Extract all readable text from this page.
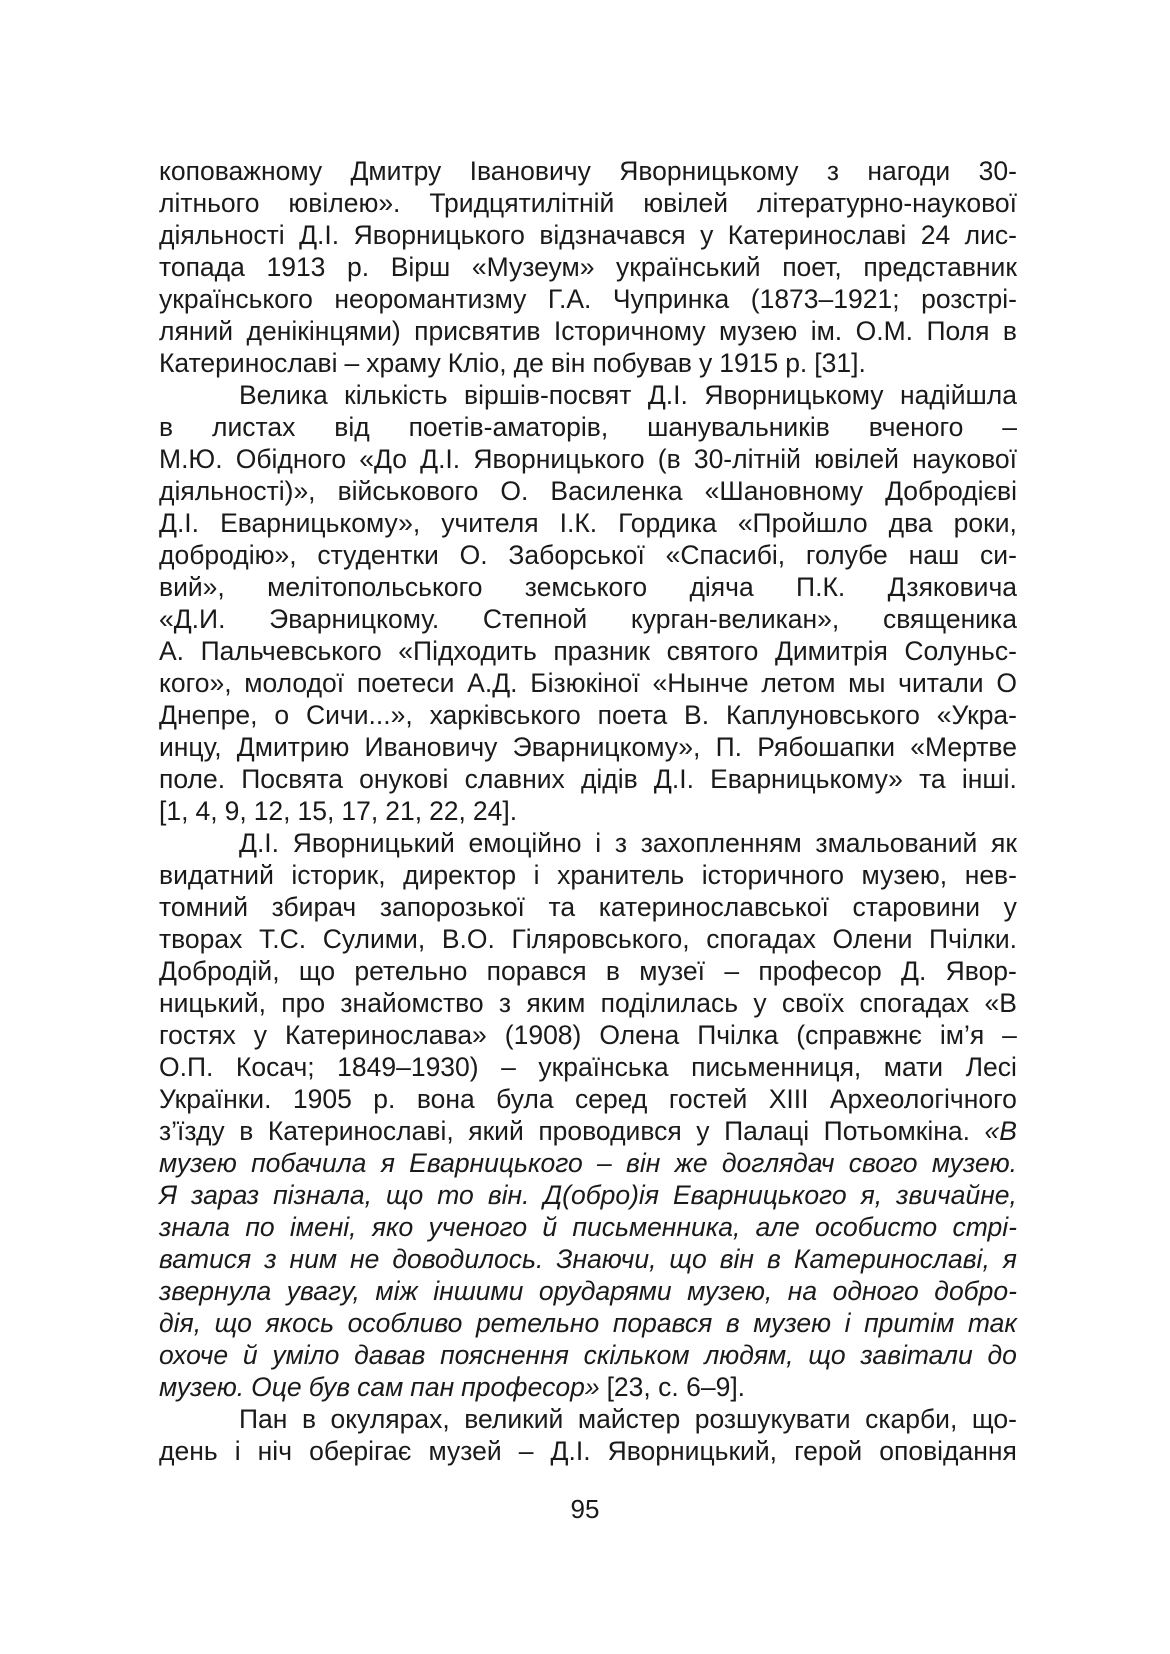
коповажному Дмитру Івановичу Яворницькому з нагоди 30-
літнього ювілею». Тридцятилітній ювілей літературно-наукової
діяльності Д.І. Яворницького відзначався у Катеринославі 24 лис-
топада 1913 р. Вірш «Музеум» український поет, представник
українського неоромантизму Г.А. Чупринка (1873–1921; розстрі-
ляний денікінцями) присвятив Історичному музею ім. О.М. Поля в
Катеринославі – храму Кліо, де він побував у 1915 р. [31].
Велика кількість віршів-посвят Д.І. Яворницькому надійшла
в листах від поетів-аматорів, шанувальників вченого –
М.Ю. Обідного «До Д.І. Яворницького (в 30-літній ювілей наукової
діяльності)», військового О. Василенка «Шановному Добродієві
Д.І. Еварницькому», учителя І.К. Гордика «Пройшло два роки,
добродію», студентки О. Заборської «Спасибі, голубе наш си-
вий», мелітопольського земського діяча П.К. Дзяковича
«Д.И. Эварницкому. Степной курган-великан», священика
А. Пальчевського «Підходить празник святого Димитрія Солуньс-
кого», молодої поетеси А.Д. Бізюкіної «Нынче летом мы читали О
Днепре, о Сичи...», харківського поета В. Каплуновського «Укра-
инцу, Дмитрию Ивановичу Эварницкому», П. Рябошапки «Мертве
поле. Посвята онукові славних дідів Д.І. Еварницькому» та інші.
[1, 4, 9, 12, 15, 17, 21, 22, 24].
Д.І. Яворницький емоційно і з захопленням змальований як
видатний історик, директор і хранитель історичного музею, нев-
томний збирач запорозької та катеринославської старовини у
творах Т.С. Сулими, В.О. Гіляровського, спогадах Олени Пчілки.
Добродій, що ретельно порався в музеї – професор Д. Явор-
ницький, про знайомство з яким поділилась у своїх спогадах «В
гостях у Катеринослава» (1908) Олена Пчілка (справжнє ім’я –
О.П. Косач; 1849–1930) – українська письменниця, мати Лесі
Українки. 1905 р. вона була серед гостей XIII Археологічного
з’їзду в Катеринославі, який проводився у Палаці Потьомкіна. «В
музею побачила я Еварницького – він же доглядач свого музею.
Я зараз пізнала, що то він. Д(обро)ія Еварницького я, звичайне,
знала по імені, яко ученого й письменника, але особисто стрі-
ватися з ним не доводилось. Знаючи, що він в Катеринославі, я
звернула увагу, між іншими орударями музею, на одного добро-
дія, що якось особливо ретельно порався в музею і притім так
охоче й уміло давав пояснення скільком людям, що завітали до
музею. Оце був сам пан професор» [23, с. 6–9].
Пан в окулярах, великий майстер розшукувати скарби, що-
день і ніч оберігає музей – Д.І. Яворницький, герой оповідання
95
